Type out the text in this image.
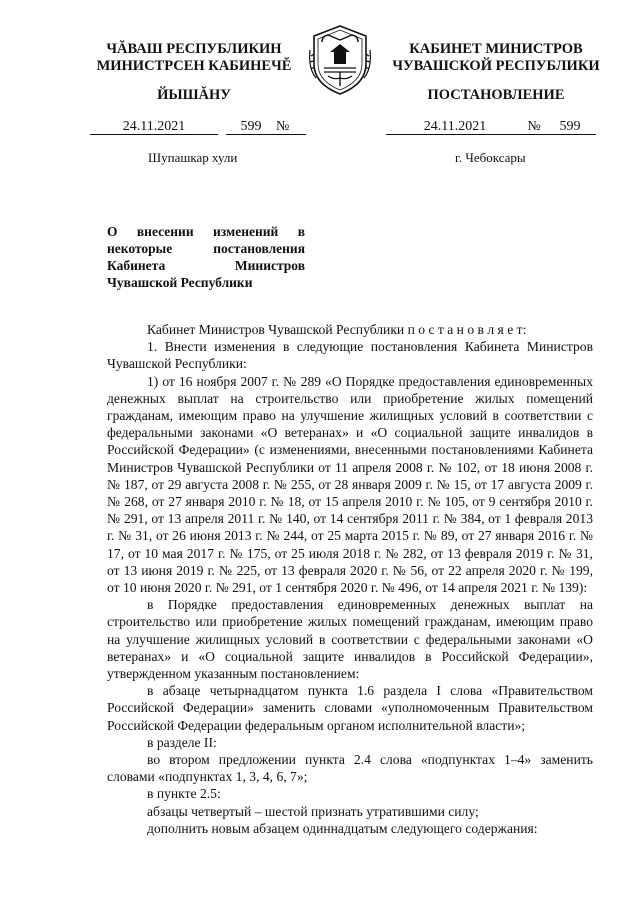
ЧĂВАШ РЕСПУБЛИКИН
МИНИСТРСЕН КАБИНЕЧĔ
ЙЫШĂНУ
КАБИНЕТ МИНИСТРОВ
ЧУВАШСКОЙ РЕСПУБЛИКИ
ПОСТАНОВЛЕНИЕ
24.11.2021	599 №	24.11.2021	№ 599
Шупашкар хули	г. Чебоксары
О внесении изменений в некоторые постановления Кабинета Министров Чувашской Республики

Кабинет Министров Чувашской Республики п о с т а н о в л я е т:

1. Внести изменения в следующие постановления Кабинета Министров Чувашской Республики:

1) от 16 ноября 2007 г. № 289 «О Порядке предоставления единовременных денежных выплат на строительство или приобретение жилых помещений гражданам, имеющим право на улучшение жилищных условий в соответствии с федеральными законами «О ветеранах» и «О социальной защите инвалидов в Российской Федерации» (с изменениями, внесенными постановлениями Кабинета Министров Чувашской Республики от 11 апреля 2008 г. № 102, от 18 июня 2008 г. № 187, от 29 августа 2008 г. № 255, от 28 января 2009 г. № 15, от 17 августа 2009 г. № 268, от 27 января 2010 г. № 18, от 15 апреля 2010 г. № 105, от 9 сентября 2010 г. № 291, от 13 апреля 2011 г. № 140, от 14 сентября 2011 г. № 384, от 1 февраля 2013 г. № 31, от 26 июня 2013 г. № 244, от 25 марта 2015 г. № 89, от 27 января 2016 г. № 17, от 10 мая 2017 г. № 175, от 25 июля 2018 г. № 282, от 13 февраля 2019 г. № 31, от 13 июня 2019 г. № 225, от 13 февраля 2020 г. № 56, от 22 апреля 2020 г. № 199, от 10 июня 2020 г. № 291, от 1 сентября 2020 г. № 496, от 14 апреля 2021 г. № 139):

в Порядке предоставления единовременных денежных выплат на строительство или приобретение жилых помещений гражданам, имеющим право на улучшение жилищных условий в соответствии с федеральными законами «О ветеранах» и «О социальной защите инвалидов в Российской Федерации», утвержденном указанным постановлением:

в абзаце четырнадцатом пункта 1.6 раздела I слова «Правительством Российской Федерации» заменить словами «уполномоченным Правительством Российской Федерации федеральным органом исполнительной власти»;

в разделе II:

во втором предложении пункта 2.4 слова «подпунктах 1–4» заменить словами «подпунктах 1, 3, 4, 6, 7»;

в пункте 2.5:

абзацы четвертый – шестой признать утратившими силу;

дополнить новым абзацем одиннадцатым следующего содержания:
